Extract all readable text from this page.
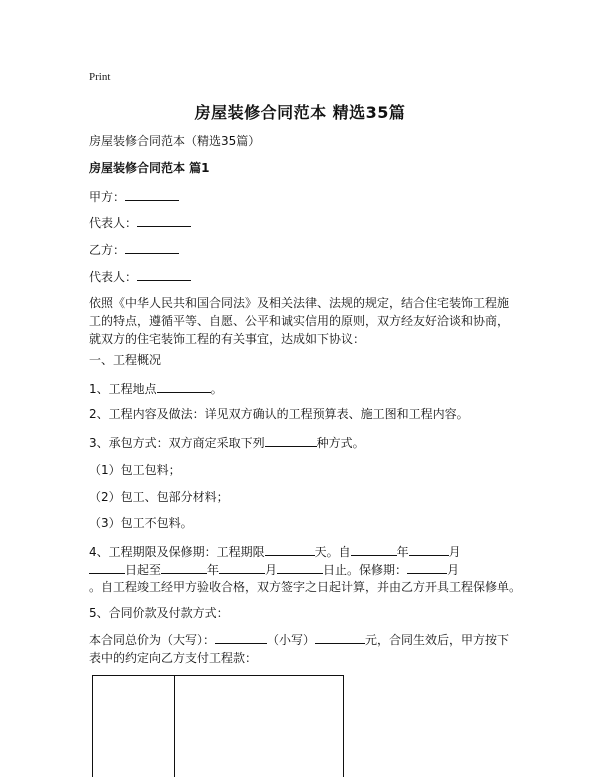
Print
房屋装修合同范本 精选35篇
房屋装修合同范本（精选35篇）
房屋装修合同范本 篇1
甲方：
代表人：
乙方：
代表人：
依照《中华人民共和国合同法》及相关法律、法规的规定，结合住宅装饰工程施工的特点，遵循平等、自愿、公平和诚实信用的原则，双方经友好洽谈和协商，就双方的住宅装饰工程的有关事宜，达成如下协议：
一、工程概况
1、工程地点	。
2、工程内容及做法：详见双方确认的工程预算表、施工图和工程内容。
3、承包方式：双方商定采取下列	种方式。
（1）包工包料；
（2）包工、包部分材料；
（3）包工不包料。
4、工程期限及保修期：工程期限	天。自	年	月
日起至	年	月	日止。保修期：	月
。自工程竣工经甲方验收合格，双方签字之日起计算，并由乙方开具工程保修单。
5、合同价款及付款方式：
本合同总价为（大写）：	（小写）	元，合同生效后，甲方按下表中的约定向乙方支付工程款：
